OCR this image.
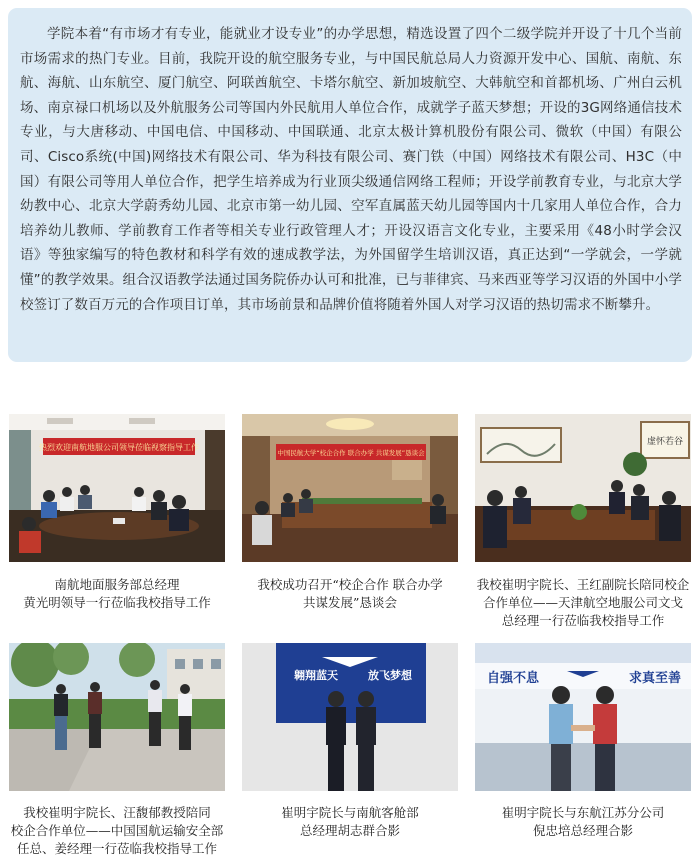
学院本着“有市场才有专业，能就业才设专业”的办学思想，精选设置了四个二级学院并开设了十几个当前市场需求的热门专业。目前，我院开设的航空服务专业，与中国民航总局人力资源开发中心、国航、南航、东航、海航、山东航空、厦门航空、阿联酋航空、卡塔尔航空、新加坡航空、大韩航空和首都机场、广州白云机场、南京禄口机场以及外航服务公司等国内外民航用人单位合作，成就学子蓝天梦想；开设的3G网络通信技术专业，与大唐移动、中国电信、中国移动、中国联通、北京太极计算机股份有限公司、微软（中国）有限公司、Cisco系统(中国)网络技术有限公司、华为科技有限公司、赛门铁（中国）网络技术有限公司、H3C（中国）有限公司等用人单位合作，把学生培养成为行业顶尖级通信网络工程师；开设学前教育专业，与北京大学幼教中心、北京大学蔚秀幼儿园、北京市第一幼儿园、空军直属蓝天幼儿园等国内十几家用人单位合作，合力培养幼儿教师、学前教育工作者等相关专业行政管理人才；开设汉语言文化专业，主要采用《48小时学会汉语》等独家编写的特色教材和科学有效的速成教学法，为外国留学生培训汉语，真正达到“一学就会，一学就懂”的教学效果。组合汉语教学法通过国务院侨办认可和批准，已与菲律宾、马来西亚等学习汉语的外国中小学校签订了数百万元的合作项目订单，其市场前景和品牌价值将随着外国人对学习汉语的热切需求不断攀升。

热烈欢迎南航地服公司领导莅临视察指导工作

南航地面服务部总经理
黄光明领导一行莅临我校指导工作

中国民航大学“校企合作 联合办学 共谋发展”恳谈会

我校成功召开“校企合作 联合办学
共谋发展”恳谈会

虚怀若谷

我校崔明宇院长、王红副院长陪同校企
合作单位——天津航空地服公司文戈
总经理一行莅临我校指导工作

我校崔明宇院长、汪馥郁教授陪同
校企合作单位——中国国航运输安全部
任总、姜经理一行莅临我校指导工作

翱翔蓝天	放飞梦想

崔明宇院长与南航客舱部
总经理胡志群合影

自强不息	求真至善

崔明宇院长与东航江苏分公司
倪忠培总经理合影
